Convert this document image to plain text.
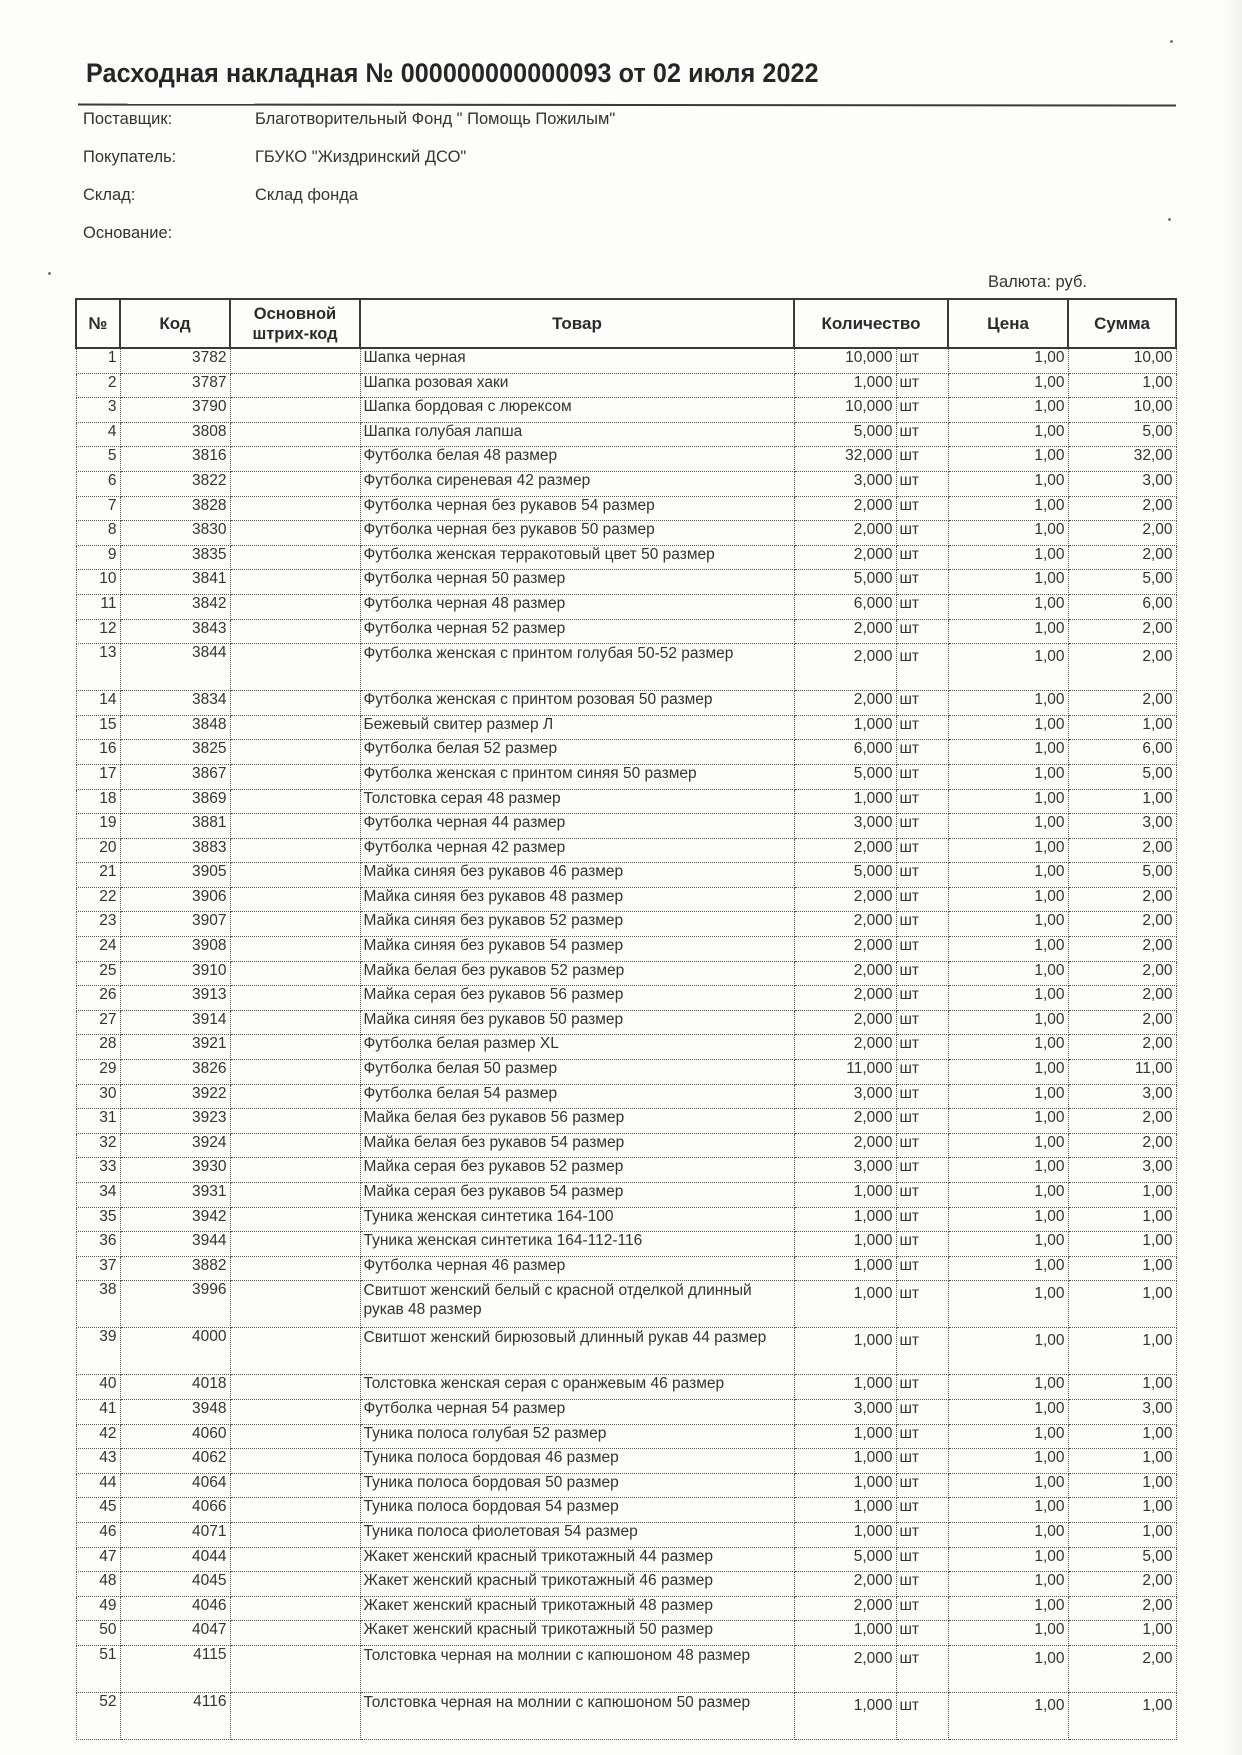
Расходная накладная № 000000000000093 от 02 июля 2022
Поставщик:	Благотворительный Фонд " Помощь Пожилым"
Покупатель:	ГБУКО "Жиздринский ДСО"
Склад:	Склад фонда
Основание:
Валюта: руб.
№	Код	Основной штрих-код	Товар	Количество		Цена	Сумма
1	3782		Шапка черная	10,000	шт	1,00	10,00
2	3787		Шапка розовая хаки	1,000	шт	1,00	1,00
3	3790		Шапка бордовая с люрексом	10,000	шт	1,00	10,00
4	3808		Шапка голубая лапша	5,000	шт	1,00	5,00
5	3816		Футболка белая 48 размер	32,000	шт	1,00	32,00
6	3822		Футболка сиреневая 42 размер	3,000	шт	1,00	3,00
7	3828		Футболка черная без рукавов 54 размер	2,000	шт	1,00	2,00
8	3830		Футболка черная без рукавов 50 размер	2,000	шт	1,00	2,00
9	3835		Футболка женская терракотовый цвет 50 размер	2,000	шт	1,00	2,00
10	3841		Футболка черная 50 размер	5,000	шт	1,00	5,00
11	3842		Футболка черная 48 размер	6,000	шт	1,00	6,00
12	3843		Футболка черная 52 размер	2,000	шт	1,00	2,00
13	3844		Футболка женская с принтом голубая 50-52 размер	2,000	шт	1,00	2,00
14	3834		Футболка женская с принтом розовая 50 размер	2,000	шт	1,00	2,00
15	3848		Бежевый свитер размер Л	1,000	шт	1,00	1,00
16	3825		Футболка белая 52 размер	6,000	шт	1,00	6,00
17	3867		Футболка женская с принтом синяя 50 размер	5,000	шт	1,00	5,00
18	3869		Толстовка серая 48 размер	1,000	шт	1,00	1,00
19	3881		Футболка черная 44 размер	3,000	шт	1,00	3,00
20	3883		Футболка черная 42 размер	2,000	шт	1,00	2,00
21	3905		Майка синяя без рукавов 46 размер	5,000	шт	1,00	5,00
22	3906		Майка синяя без рукавов 48 размер	2,000	шт	1,00	2,00
23	3907		Майка синяя без рукавов 52 размер	2,000	шт	1,00	2,00
24	3908		Майка синяя без рукавов 54 размер	2,000	шт	1,00	2,00
25	3910		Майка белая без рукавов 52 размер	2,000	шт	1,00	2,00
26	3913		Майка серая без рукавов 56 размер	2,000	шт	1,00	2,00
27	3914		Майка синяя без рукавов 50 размер	2,000	шт	1,00	2,00
28	3921		Футболка белая размер XL	2,000	шт	1,00	2,00
29	3826		Футболка белая 50 размер	11,000	шт	1,00	11,00
30	3922		Футболка белая 54 размер	3,000	шт	1,00	3,00
31	3923		Майка белая без рукавов 56 размер	2,000	шт	1,00	2,00
32	3924		Майка белая без рукавов 54 размер	2,000	шт	1,00	2,00
33	3930		Майка серая без рукавов 52 размер	3,000	шт	1,00	3,00
34	3931		Майка серая без рукавов 54 размер	1,000	шт	1,00	1,00
35	3942		Туника женская синтетика 164-100	1,000	шт	1,00	1,00
36	3944		Туника женская синтетика 164-112-116	1,000	шт	1,00	1,00
37	3882		Футболка черная 46 размер	1,000	шт	1,00	1,00
38	3996		Свитшот женский белый с красной отделкой длинный рукав 48 размер	1,000	шт	1,00	1,00
39	4000		Свитшот женский бирюзовый длинный рукав 44 размер	1,000	шт	1,00	1,00
40	4018		Толстовка женская серая с оранжевым 46 размер	1,000	шт	1,00	1,00
41	3948		Футболка черная 54 размер	3,000	шт	1,00	3,00
42	4060		Туника полоса голубая 52 размер	1,000	шт	1,00	1,00
43	4062		Туника полоса бордовая 46 размер	1,000	шт	1,00	1,00
44	4064		Туника полоса бордовая 50 размер	1,000	шт	1,00	1,00
45	4066		Туника полоса бордовая 54 размер	1,000	шт	1,00	1,00
46	4071		Туника полоса фиолетовая 54 размер	1,000	шт	1,00	1,00
47	4044		Жакет женский красный трикотажный 44 размер	5,000	шт	1,00	5,00
48	4045		Жакет женский красный трикотажный 46 размер	2,000	шт	1,00	2,00
49	4046		Жакет женский красный трикотажный 48 размер	2,000	шт	1,00	2,00
50	4047		Жакет женский красный трикотажный 50 размер	1,000	шт	1,00	1,00
51	4115		Толстовка черная на молнии с капюшоном 48 размер	2,000	шт	1,00	2,00
52	4116		Толстовка черная на молнии с капюшоном 50 размер	1,000	шт	1,00	1,00
